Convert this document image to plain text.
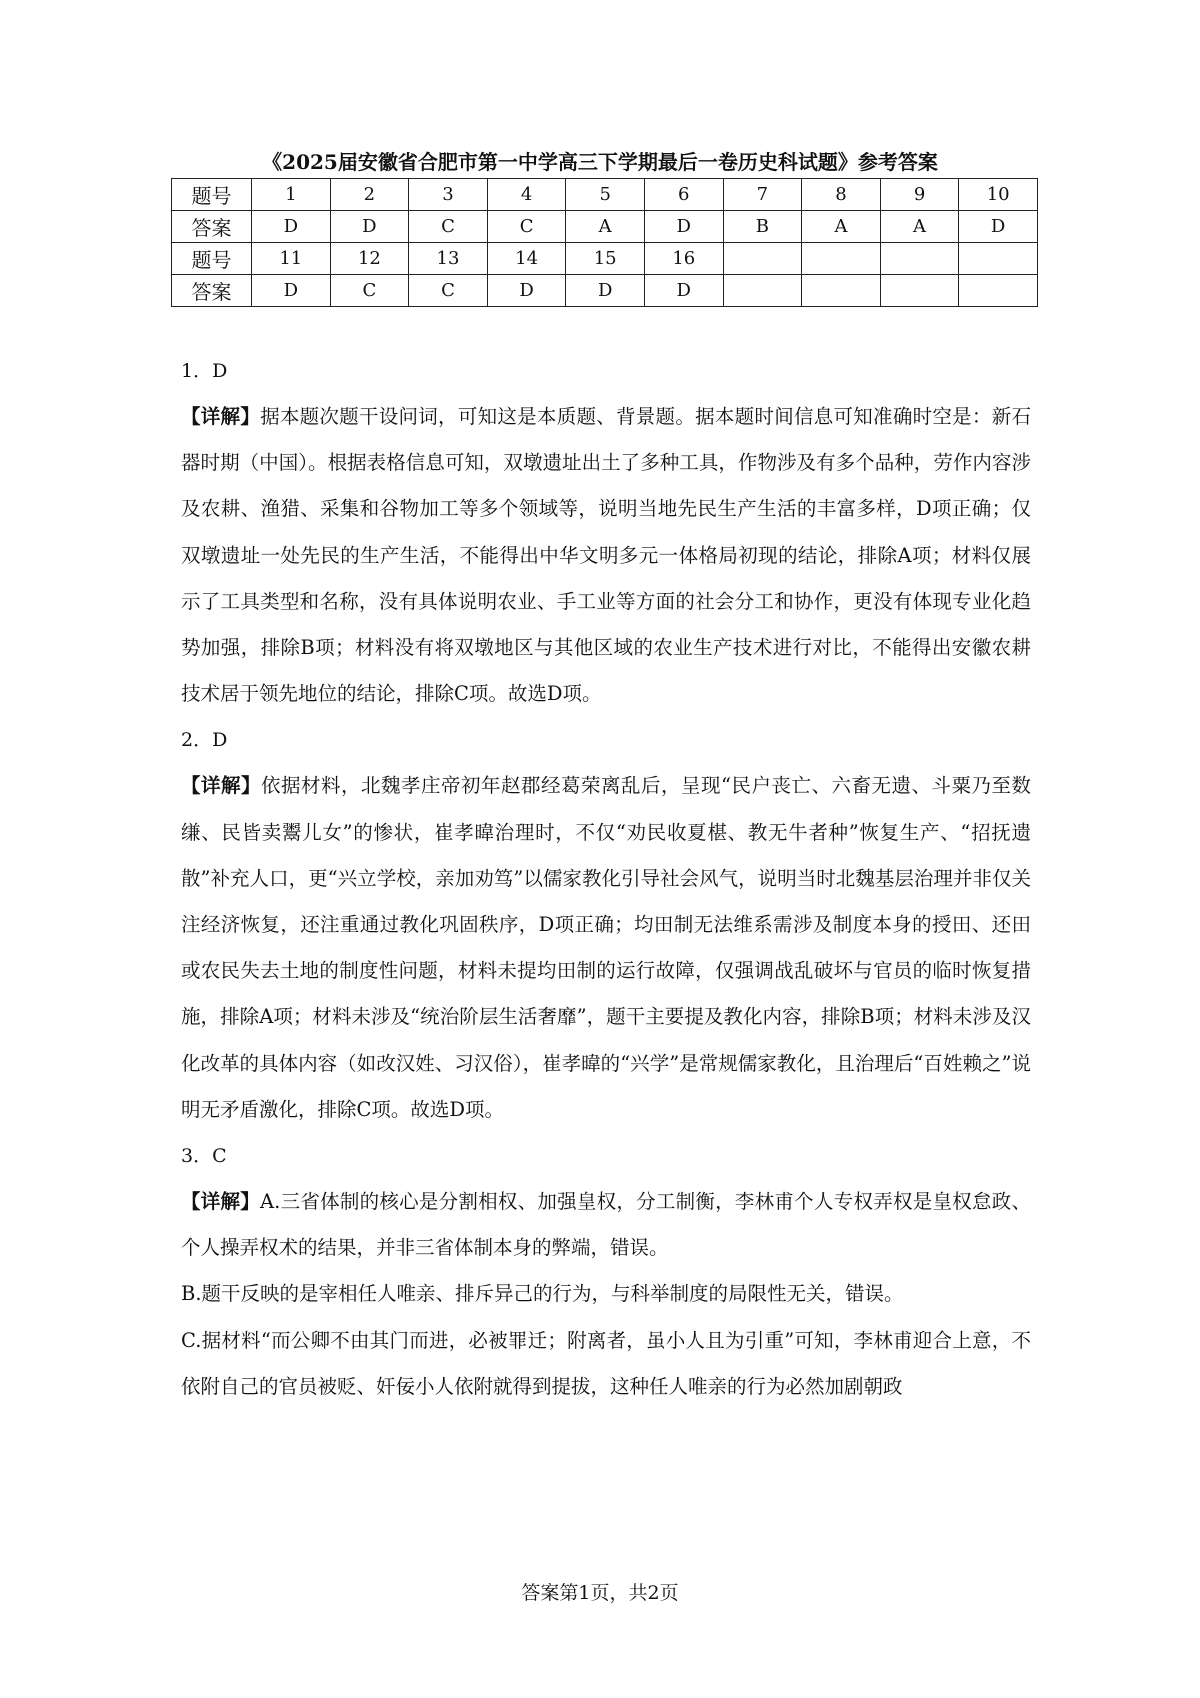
《2025届安徽省合肥市第一中学高三下学期最后一卷历史科试题》参考答案
题号	1	2	3	4	5	6	7	8	9	10
答案	D	D	C	C	A	D	B	A	A	D
题号	11	12	13	14	15	16				
答案	D	C	C	D	D	D				
1．D

【详解】据本题次题干设问词，可知这是本质题、背景题。据本题时间信息可知准确时空是：新石器时期（中国）。根据表格信息可知，双墩遗址出土了多种工具，作物涉及有多个品种，劳作内容涉及农耕、渔猎、采集和谷物加工等多个领域等，说明当地先民生产生活的丰富多样，D项正确；仅双墩遗址一处先民的生产生活，不能得出中华文明多元一体格局初现的结论，排除A项；材料仅展示了工具类型和名称，没有具体说明农业、手工业等方面的社会分工和协作，更没有体现专业化趋势加强，排除B项；材料没有将双墩地区与其他区域的农业生产技术进行对比，不能得出安徽农耕技术居于领先地位的结论，排除C项。故选D项。

2．D

【详解】依据材料，北魏孝庄帝初年赵郡经葛荣离乱后，呈现“民户丧亡、六畜无遗、斗粟乃至数缣、民皆卖鬻儿女”的惨状，崔孝暐治理时，不仅“劝民收夏椹、教无牛者种”恢复生产、“招抚遗散”补充人口，更“兴立学校，亲加劝笃”以儒家教化引导社会风气，说明当时北魏基层治理并非仅关注经济恢复，还注重通过教化巩固秩序，D项正确；均田制无法维系需涉及制度本身的授田、还田或农民失去土地的制度性问题，材料未提均田制的运行故障，仅强调战乱破坏与官员的临时恢复措施，排除A项；材料未涉及“统治阶层生活奢靡”，题干主要提及教化内容，排除B项；材料未涉及汉化改革的具体内容（如改汉姓、习汉俗），崔孝暐的“兴学”是常规儒家教化，且治理后“百姓赖之”说明无矛盾激化，排除C项。故选D项。

3．C

【详解】A.三省体制的核心是分割相权、加强皇权，分工制衡，李林甫个人专权弄权是皇权怠政、个人操弄权术的结果，并非三省体制本身的弊端，错误。

B.题干反映的是宰相任人唯亲、排斥异己的行为，与科举制度的局限性无关，错误。

C.据材料“而公卿不由其门而进，必被罪迁；附离者，虽小人且为引重”可知，李林甫迎合上意，不依附自己的官员被贬、奸佞小人依附就得到提拔，这种任人唯亲的行为必然加剧朝政

答案第1页，共2页
